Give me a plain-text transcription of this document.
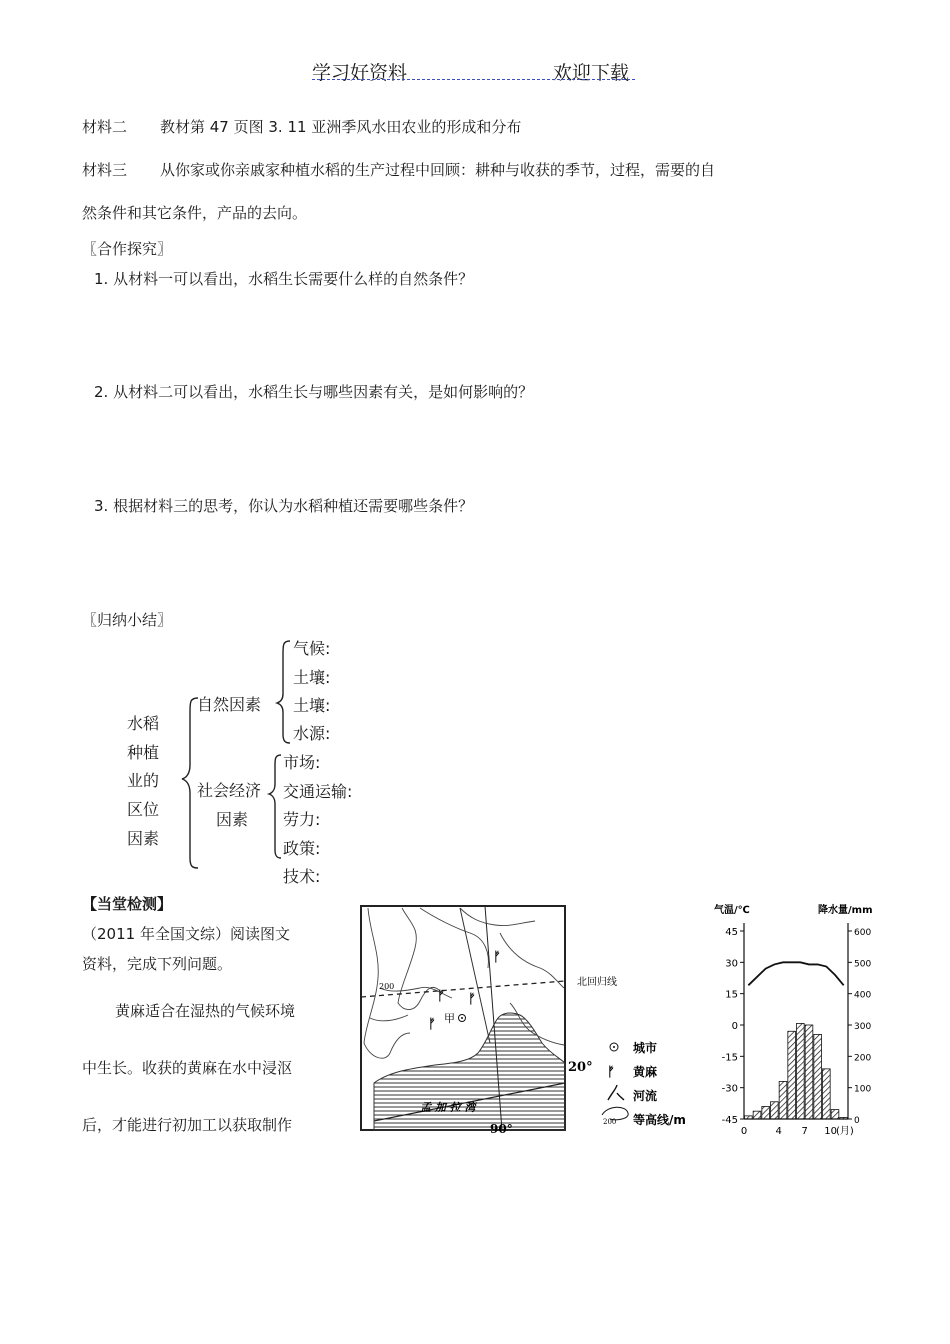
学习好资料	欢迎下载
材料二 教材第 47 页图 3. 11 亚洲季风水田农业的形成和分布
材料三 从你家或你亲戚家种植水稻的生产过程中回顾：耕种与收获的季节，过程，需要的自
然条件和其它条件，产品的去向。
〖合作探究〗
1. 从材料一可以看出，水稻生长需要什么样的自然条件？
2. 从材料二可以看出，水稻生长与哪些因素有关，是如何影响的？
3. 根据材料三的思考，你认为水稻种植还需要哪些条件？
〖归纳小结〗
水稻
种植
业的
区位
因素
自然因素
社会经济
因素
气候:
土壤:
土壤:
水源:
市场:
交通运输:
劳力:
政策:
技术:
【当堂检测】
（2011 年全国文综）阅读图文
资料，完成下列问题。
黄麻适合在湿热的气候环境
中生长。收获的黄麻在水中浸沤
后，才能进行初加工以获取制作
200	北回归线
20°
90°
孟 加 拉 湾
ᚠ
ᚠ ᚠ
ᚠ 甲
城市
ᚠ 黄麻
河流
200 等高线/m
气温/℃	降水量/mm
45
30
15
0
-15
-30
-45
600
500
400
300
200
100
0
0	4 7 10
(月)
